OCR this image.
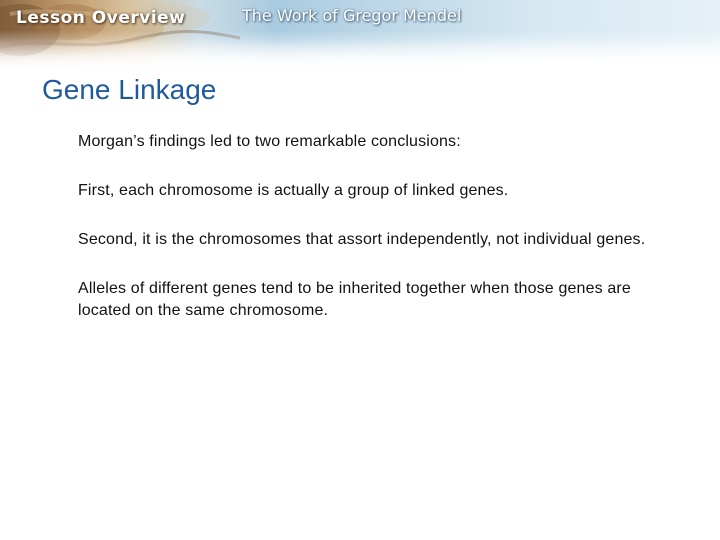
Lesson Overview	The Work of Gregor Mendel
Gene Linkage

Morgan’s findings led to two remarkable conclusions:

First, each chromosome is actually a group of linked genes.

Second, it is the chromosomes that assort independently, not individual genes.

Alleles of different genes tend to be inherited together when those genes are located on the same chromosome.
